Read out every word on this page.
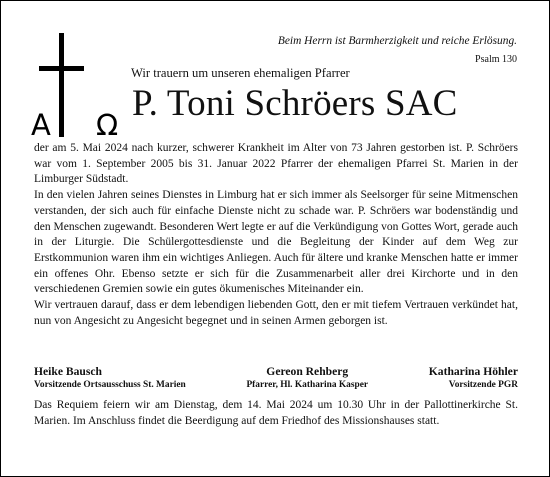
A Ω
Beim Herrn ist Barmherzigkeit und reiche Erlösung.
Psalm 130
Wir trauern um unseren ehemaligen Pfarrer
P. Toni Schröers SAC

der am 5. Mai 2024 nach kurzer, schwerer Krankheit im Alter von 73 Jahren gestorben ist. P. Schröers war vom 1. September 2005 bis 31. Januar 2022 Pfarrer der ehemaligen Pfarrei St. Marien in der Limburger Südstadt.

In den vielen Jahren seines Dienstes in Limburg hat er sich immer als Seelsorger für seine Mitmenschen verstanden, der sich auch für einfache Dienste nicht zu schade war. P. Schröers war bodenständig und den Menschen zugewandt. Besonderen Wert legte er auf die Verkündigung von Gottes Wort, gerade auch in der Liturgie. Die Schülergottesdienste und die Begleitung der Kinder auf dem Weg zur Erstkommunion waren ihm ein wichtiges Anliegen. Auch für ältere und kranke Menschen hatte er immer ein offenes Ohr. Ebenso setzte er sich für die Zusammenarbeit aller drei Kirchorte und in den verschiedenen Gremien sowie ein gutes ökumenisches Miteinander ein.

Wir vertrauen darauf, dass er dem lebendigen liebenden Gott, den er mit tiefem Vertrauen verkündet hat, nun von Angesicht zu Angesicht begegnet und in seinen Armen geborgen ist.

Heike Bausch
Vorsitzende Ortsausschuss St. Marien
Gereon Rehberg
Pfarrer, Hl. Katharina Kasper
Katharina Höhler
Vorsitzende PGR

Das Requiem feiern wir am Dienstag, dem 14. Mai 2024 um 10.30 Uhr in der Pallottinerkirche St. Marien. Im Anschluss findet die Beerdigung auf dem Friedhof des Missionshauses statt.
